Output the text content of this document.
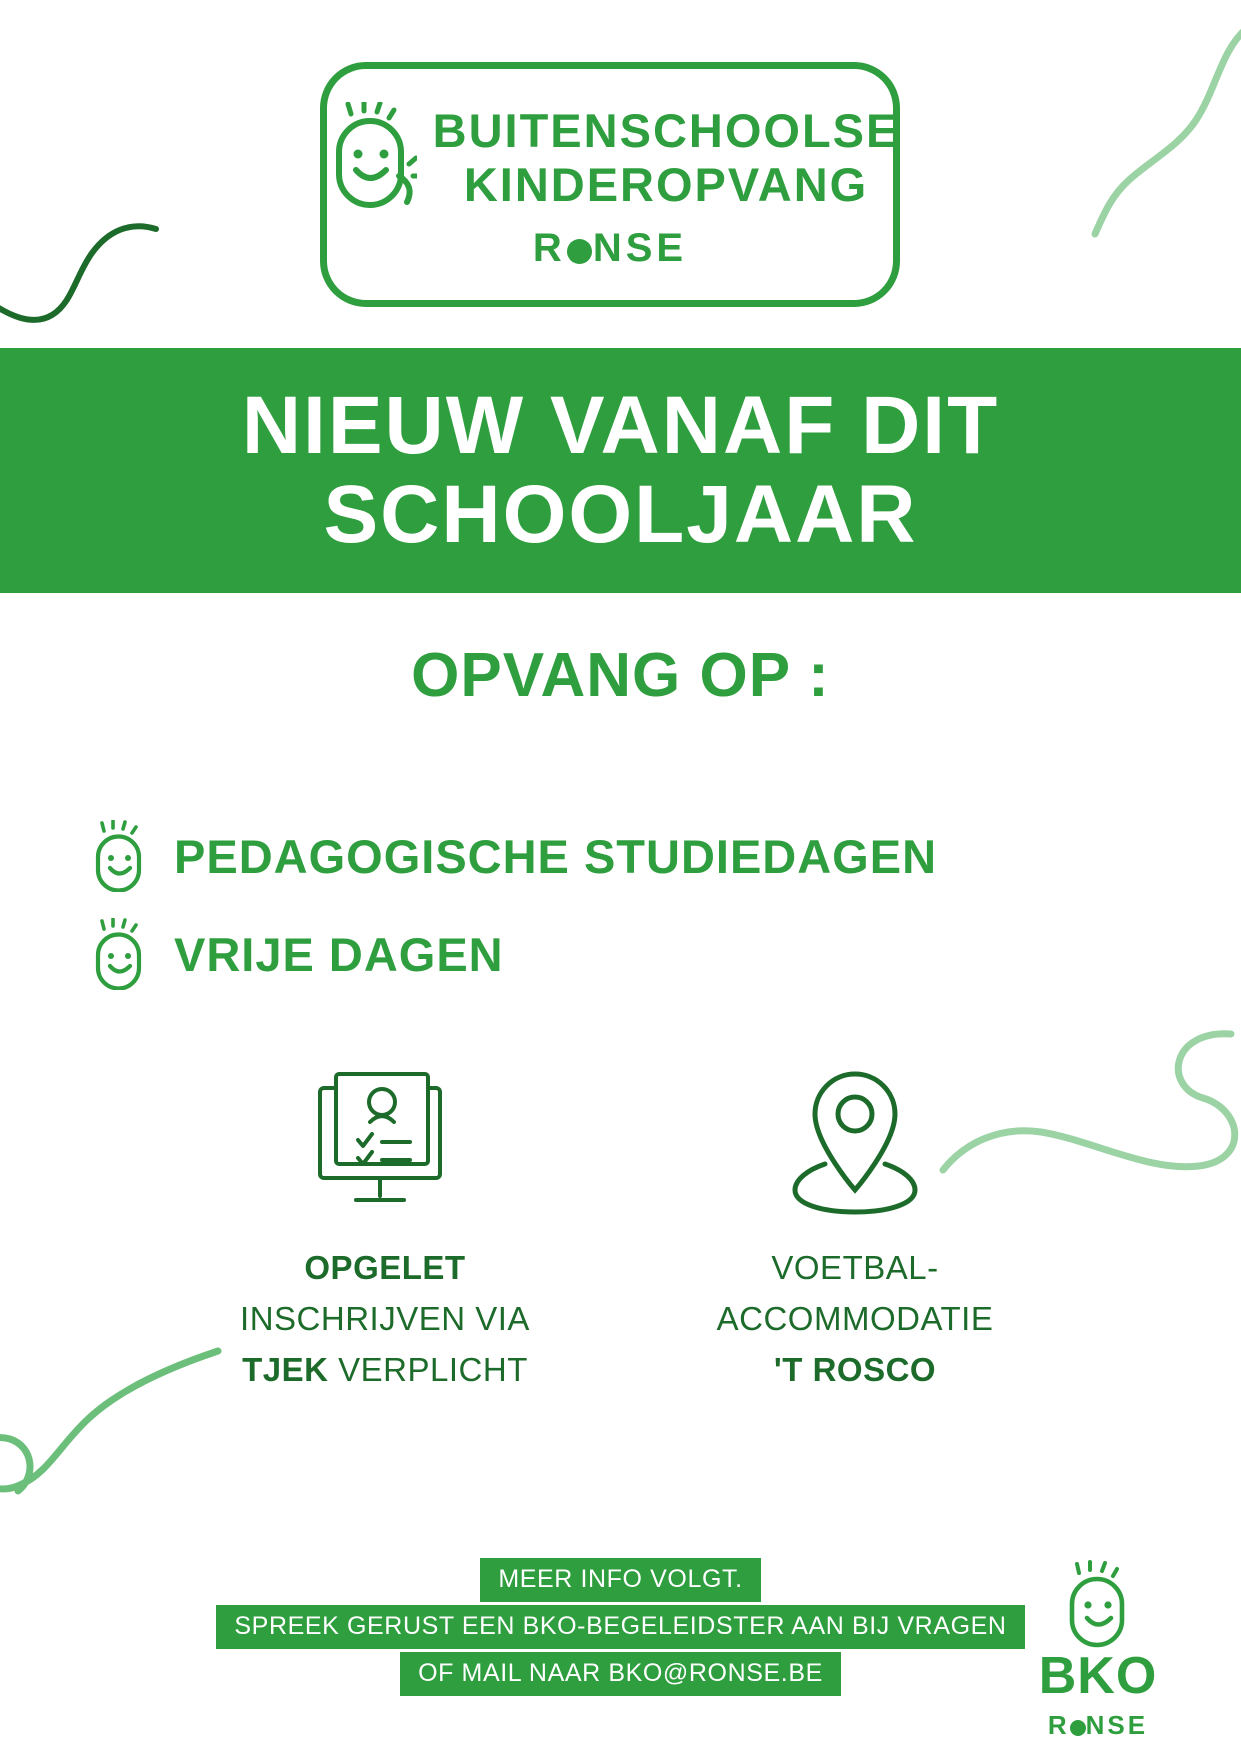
BUITENSCHOOLSE
KINDEROPVANG
R NSE
NIEUW VANAF DIT
SCHOOLJAAR
OPVANG OP :
PEDAGOGISCHE STUDIEDAGEN
VRIJE DAGEN
OPGELET
INSCHRIJVEN VIA
TJEK VERPLICHT
VOETBAL-
ACCOMMODATIE
'T ROSCO
MEER INFO VOLGT.
SPREEK GERUST EEN BKO-BEGELEIDSTER AAN BIJ VRAGEN
OF MAIL NAAR BKO@RONSE.BE	BKO
R NSE
